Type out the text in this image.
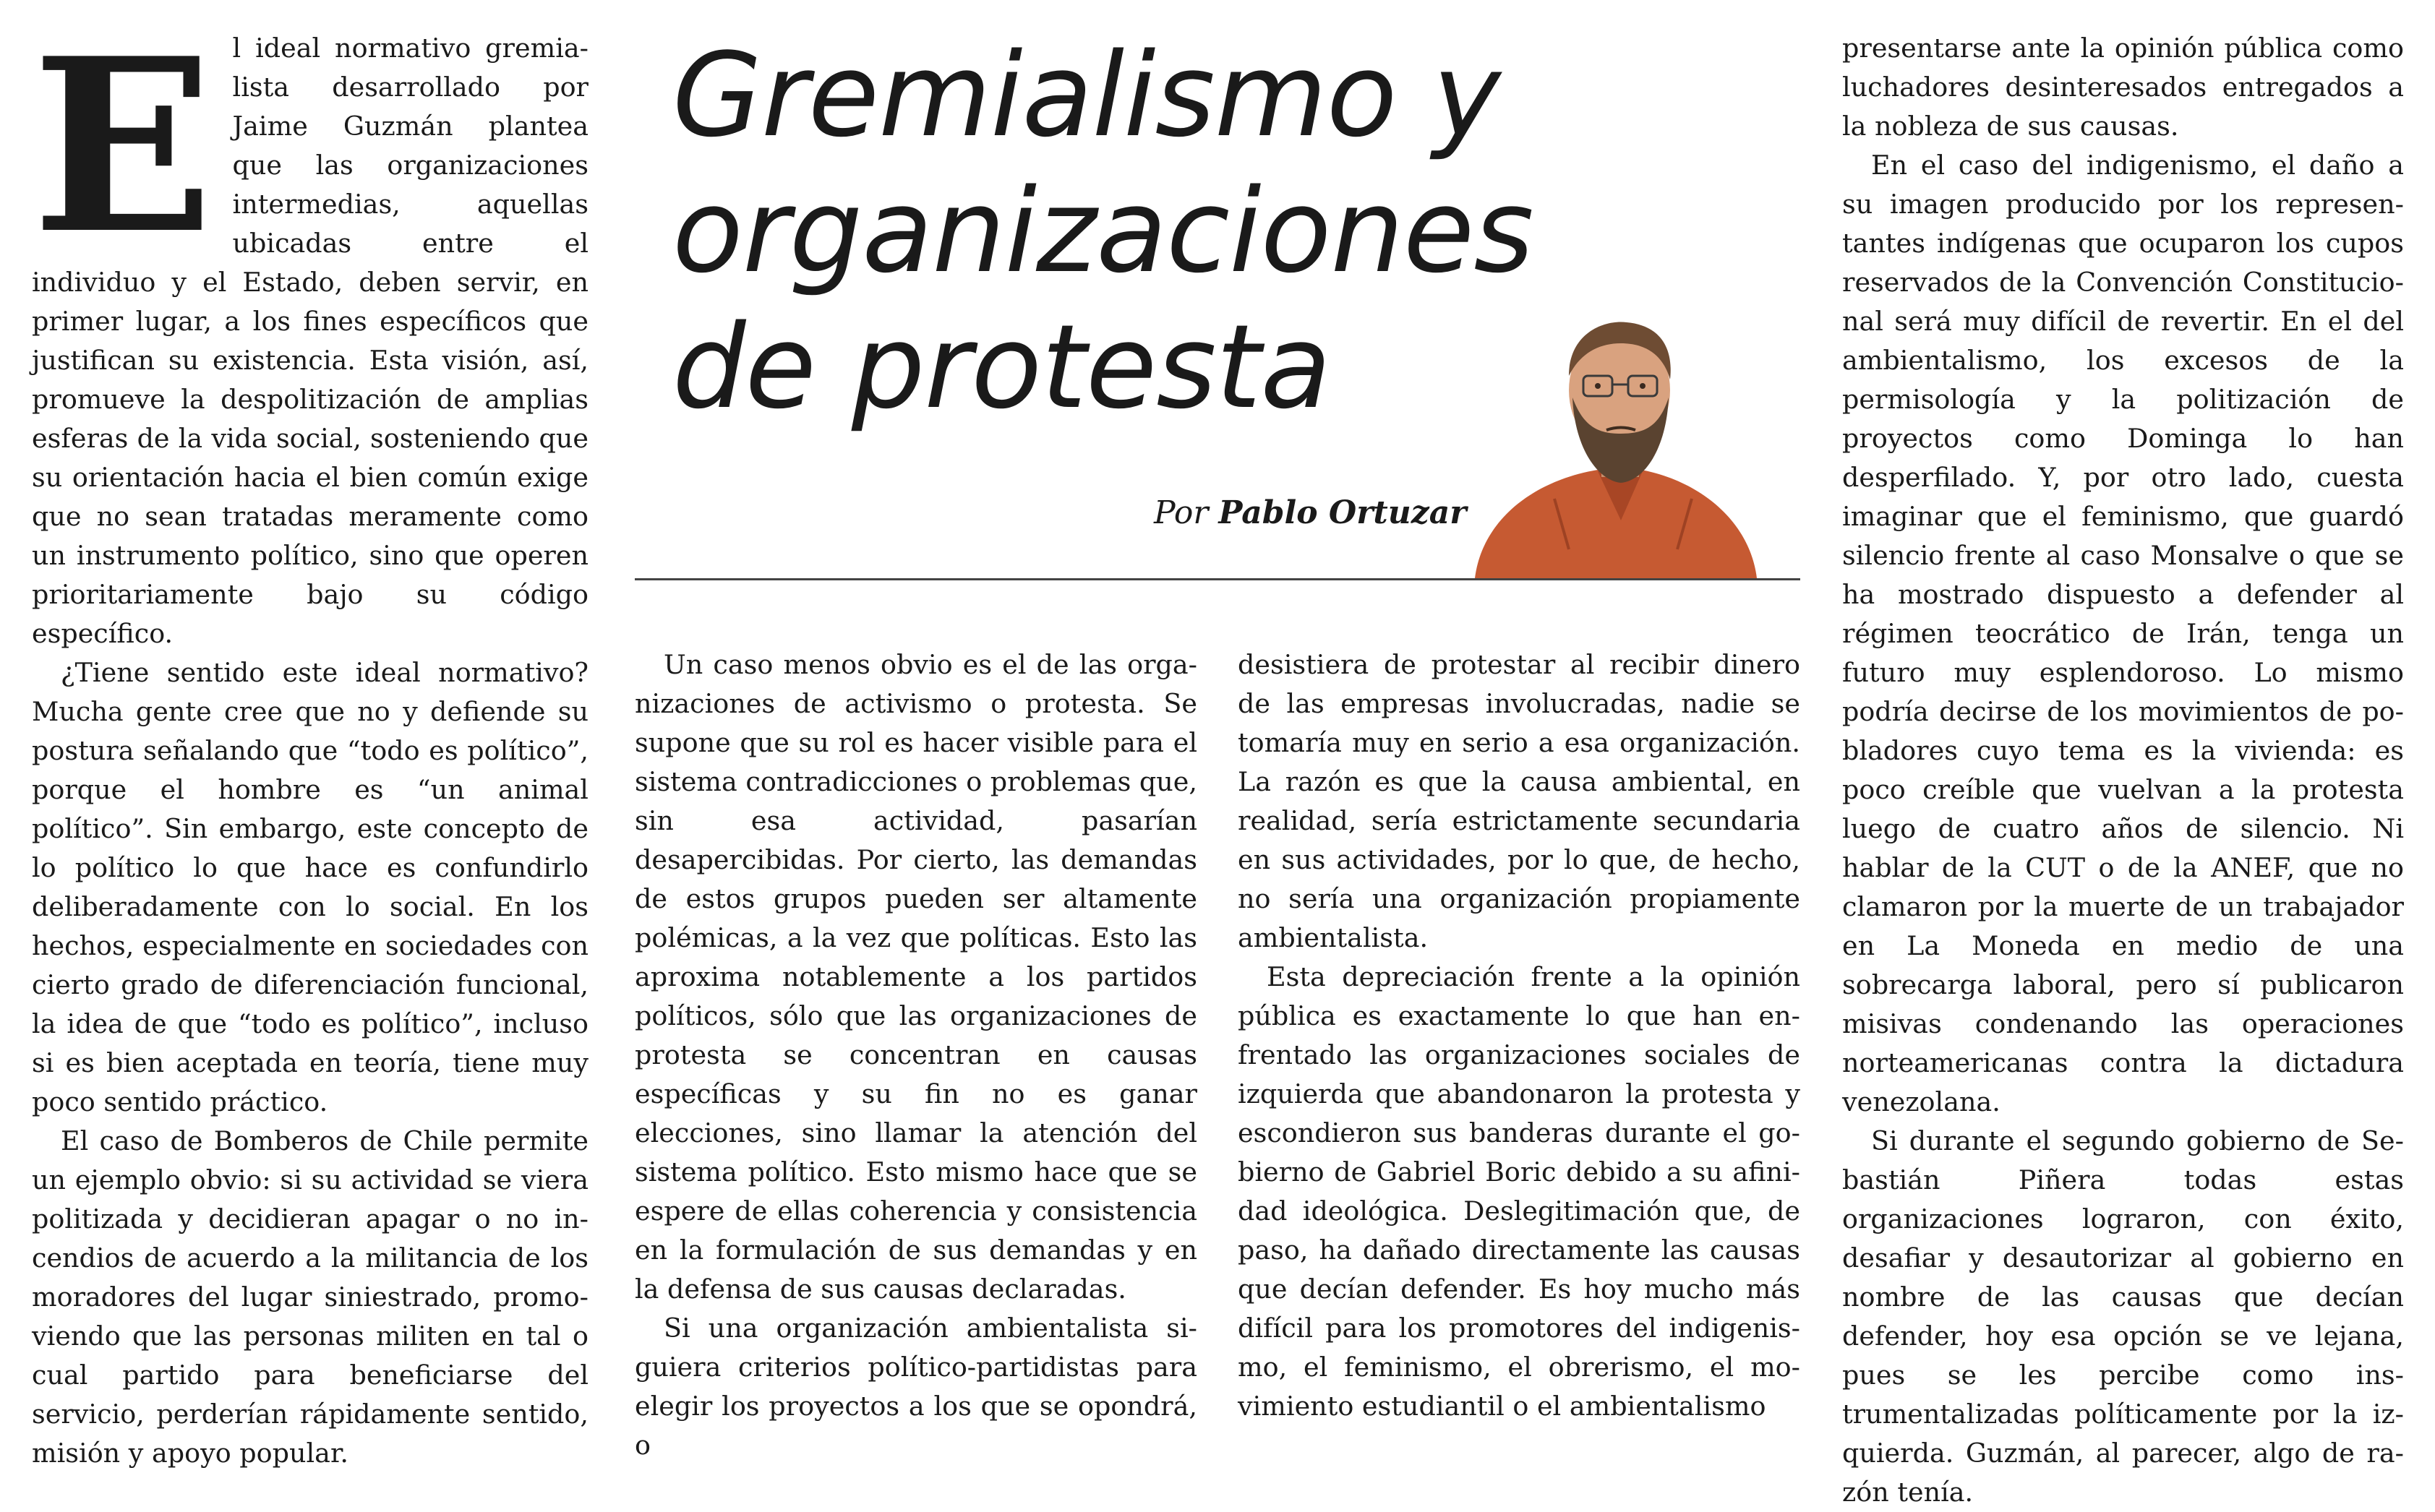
Gremialismo y organizaciones de protesta
Por Pablo Ortuzar

El ideal normativo gremialista desarrollado por Jaime Guzmán plantea que las organizaciones intermedias, aquellas ubicadas entre el individuo y el Estado, deben servir, en primer lugar, a los fines específicos que justifican su existencia. Esta visión, así, promueve la despolitización de amplias esferas de la vida social, sosteniendo que su orientación hacia el bien común exige que no sean tratadas meramente como un instrumento político, sino que operen prioritariamente bajo su código específico.

¿Tiene sentido este ideal normativo? Mucha gente cree que no y defiende su postura señalando que “todo es político”, porque el hombre es “un animal político”. Sin embargo, este concepto de lo político lo que hace es confundirlo deliberadamente con lo social. En los hechos, especialmente en sociedades con cierto grado de diferenciación funcional, la idea de que “todo es político”, incluso si es bien aceptada en teoría, tiene muy poco sentido práctico.

El caso de Bomberos de Chile permite un ejemplo obvio: si su actividad se viera politizada y decidieran apagar o no incendios de acuerdo a la militancia de los moradores del lugar siniestrado, promoviendo que las personas militen en tal o cual partido para beneficiarse del servicio, perderían rápidamente sentido, misión y apoyo popular.

Un caso menos obvio es el de las organizaciones de activismo o protesta. Se supone que su rol es hacer visible para el sistema contradicciones o problemas que, sin esa actividad, pasarían desapercibidas. Por cierto, las demandas de estos grupos pueden ser altamente polémicas, a la vez que políticas. Esto las aproxima notablemente a los partidos políticos, sólo que las organizaciones de protesta se concentran en causas específicas y su fin no es ganar elecciones, sino llamar la atención del sistema político. Esto mismo hace que se espere de ellas coherencia y consistencia en la formulación de sus demandas y en la defensa de sus causas declaradas.

Si una organización ambientalista siguiera criterios político-partidistas para elegir los proyectos a los que se opondrá, o

desistiera de protestar al recibir dinero de las empresas involucradas, nadie se tomaría muy en serio a esa organización. La razón es que la causa ambiental, en realidad, sería estrictamente secundaria en sus actividades, por lo que, de hecho, no sería una organización propiamente ambientalista.

Esta depreciación frente a la opinión pública es exactamente lo que han enfrentado las organizaciones sociales de izquierda que abandonaron la protesta y escondieron sus banderas durante el gobierno de Gabriel Boric debido a su afinidad ideológica. Deslegitimación que, de paso, ha dañado directamente las causas que decían defender. Es hoy mucho más difícil para los promotores del indigenismo, el feminismo, el obrerismo, el movimiento estudiantil o el ambientalismo

presentarse ante la opinión pública como luchadores desinteresados entregados a la nobleza de sus causas.

En el caso del indigenismo, el daño a su imagen producido por los representantes indígenas que ocuparon los cupos reservados de la Convención Constitucional será muy difícil de revertir. En el del ambientalismo, los excesos de la permisología y la politización de proyectos como Dominga lo han desperfilado. Y, por otro lado, cuesta imaginar que el feminismo, que guardó silencio frente al caso Monsalve o que se ha mostrado dispuesto a defender al régimen teocrático de Irán, tenga un futuro muy esplendoroso. Lo mismo podría decirse de los movimientos de pobladores cuyo tema es la vivienda: es poco creíble que vuelvan a la protesta luego de cuatro años de silencio. Ni hablar de la CUT o de la ANEF, que no clamaron por la muerte de un trabajador en La Moneda en medio de una sobrecarga laboral, pero sí publicaron misivas condenando las operaciones norteamericanas contra la dictadura venezolana.

Si durante el segundo gobierno de Sebastián Piñera todas estas organizaciones lograron, con éxito, desafiar y desautorizar al gobierno en nombre de las causas que decían defender, hoy esa opción se ve lejana, pues se les percibe como instrumentalizadas políticamente por la izquierda. Guzmán, al parecer, algo de razón tenía.
